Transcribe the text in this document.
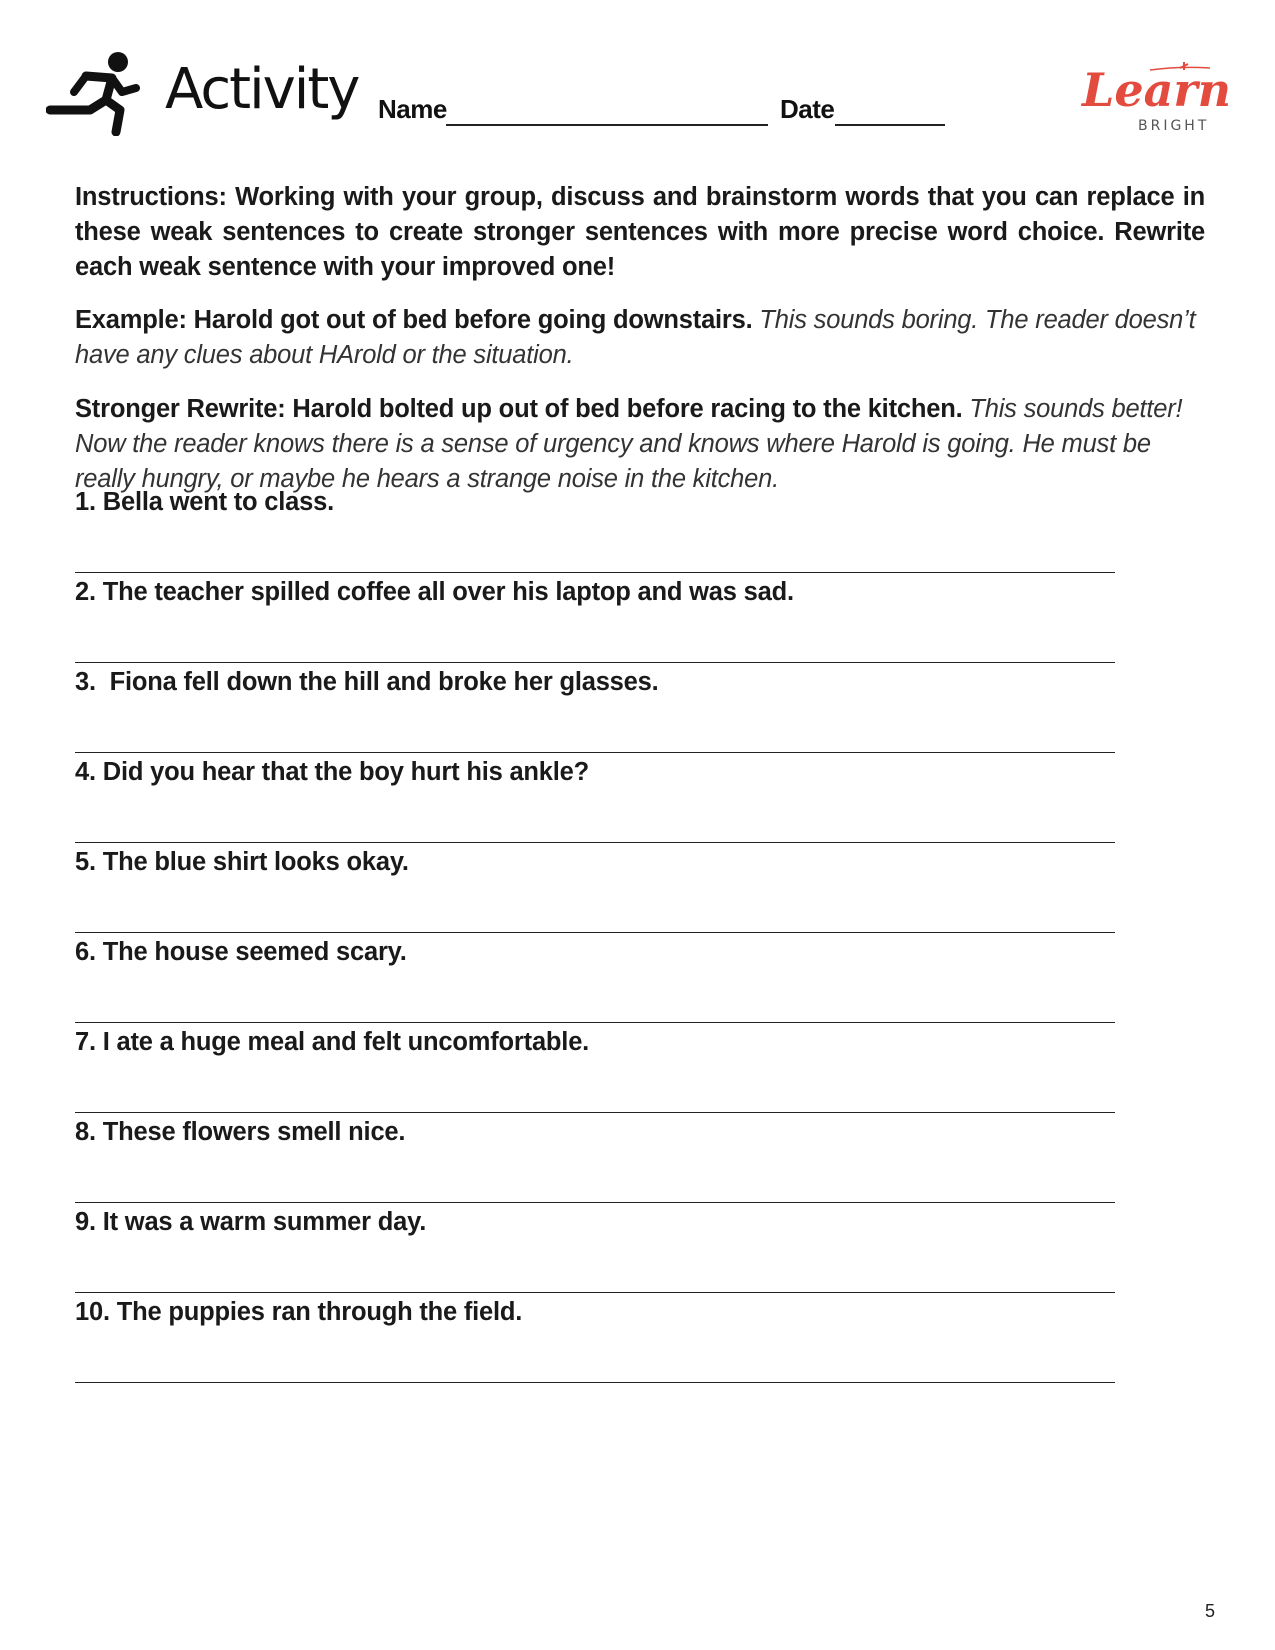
Activity Name	Date	Learn
BRIGHT
Instructions: Working with your group, discuss and brainstorm words that you can replace in these weak sentences to create stronger sentences with more precise word choice. Rewrite each weak sentence with your improved one!
Example: Harold got out of bed before going downstairs. This sounds boring. The reader doesn’t have any clues about HArold or the situation.
Stronger Rewrite: Harold bolted up out of bed before racing to the kitchen. This sounds better! Now the reader knows there is a sense of urgency and knows where Harold is going. He must be really hungry, or maybe he hears a strange noise in the kitchen.
1. Bella went to class.
2. The teacher spilled coffee all over his laptop and was sad.
3.  Fiona fell down the hill and broke her glasses.
4. Did you hear that the boy hurt his ankle?
5. The blue shirt looks okay.
6. The house seemed scary.
7. I ate a huge meal and felt uncomfortable.
8. These flowers smell nice.
9. It was a warm summer day.
10. The puppies ran through the field.
5
